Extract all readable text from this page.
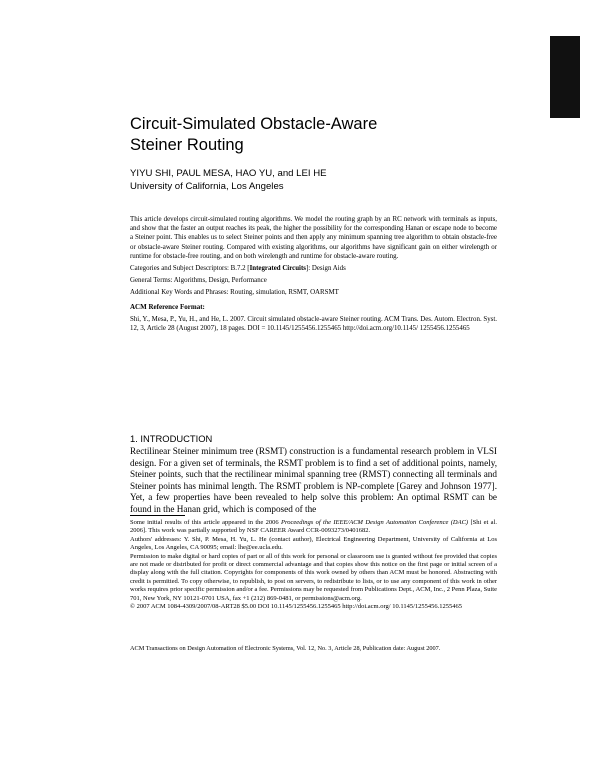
Circuit-Simulated Obstacle-Aware
Steiner Routing
YIYU SHI, PAUL MESA, HAO YU, and LEI HE
University of California, Los Angeles

This article develops circuit-simulated routing algorithms. We model the routing graph by an RC network with terminals as inputs, and show that the faster an output reaches its peak, the higher the possibility for the corresponding Hanan or escape node to become a Steiner point. This enables us to select Steiner points and then apply any minimum spanning tree algorithm to obtain obstacle-free or obstacle-aware Steiner routing. Compared with existing algorithms, our algorithms have significant gain on either wirelength or runtime for obstacle-free routing, and on both wirelength and runtime for obstacle-aware routing.

Categories and Subject Descriptors: B.7.2 [Integrated Circuits]: Design Aids

General Terms: Algorithms, Design, Performance

Additional Key Words and Phrases: Routing, simulation, RSMT, OARSMT

ACM Reference Format:

Shi, Y., Mesa, P., Yu, H., and He, L. 2007. Circuit simulated obstacle-aware Steiner routing. ACM Trans. Des. Autom. Electron. Syst. 12, 3, Article 28 (August 2007), 18 pages. DOI = 10.1145/1255456.1255465 http://doi.acm.org/10.1145/ 1255456.1255465

1. INTRODUCTION
Rectilinear Steiner minimum tree (RSMT) construction is a fundamental research problem in VLSI design. For a given set of terminals, the RSMT problem is to find a set of additional points, namely, Steiner points, such that the rectilinear minimal spanning tree (RMST) connecting all terminals and Steiner points has minimal length. The RSMT problem is NP-complete [Garey and Johnson 1977]. Yet, a few properties have been revealed to help solve this problem: An optimal RSMT can be found in the Hanan grid, which is composed of the

Some initial results of this article appeared in the 2006 Proceedings of the IEEE/ACM Design Automation Conference (DAC) [Shi et al. 2006]. This work was partially supported by NSF CAREER Award CCR-0093273/0401682.

Authors' addresses: Y. Shi, P. Mesa, H. Yu, L. He (contact author), Electrical Engineering Department, University of California at Los Angeles, Los Angeles, CA 90095; email: lhe@ee.ucla.edu.

Permission to make digital or hard copies of part or all of this work for personal or classroom use is granted without fee provided that copies are not made or distributed for profit or direct commercial advantage and that copies show this notice on the first page or initial screen of a display along with the full citation. Copyrights for components of this work owned by others than ACM must be honored. Abstracting with credit is permitted. To copy otherwise, to republish, to post on servers, to redistribute to lists, or to use any component of this work in other works requires prior specific permission and/or a fee. Permissions may be requested from Publications Dept., ACM, Inc., 2 Penn Plaza, Suite 701, New York, NY 10121-0701 USA, fax +1 (212) 869-0481, or permissions@acm.org.

© 2007 ACM 1084-4309/2007/08-ART28 $5.00 DOI 10.1145/1255456.1255465 http://doi.acm.org/ 10.1145/1255456.1255465

ACM Transactions on Design Automation of Electronic Systems, Vol. 12, No. 3, Article 28, Publication date: August 2007.
